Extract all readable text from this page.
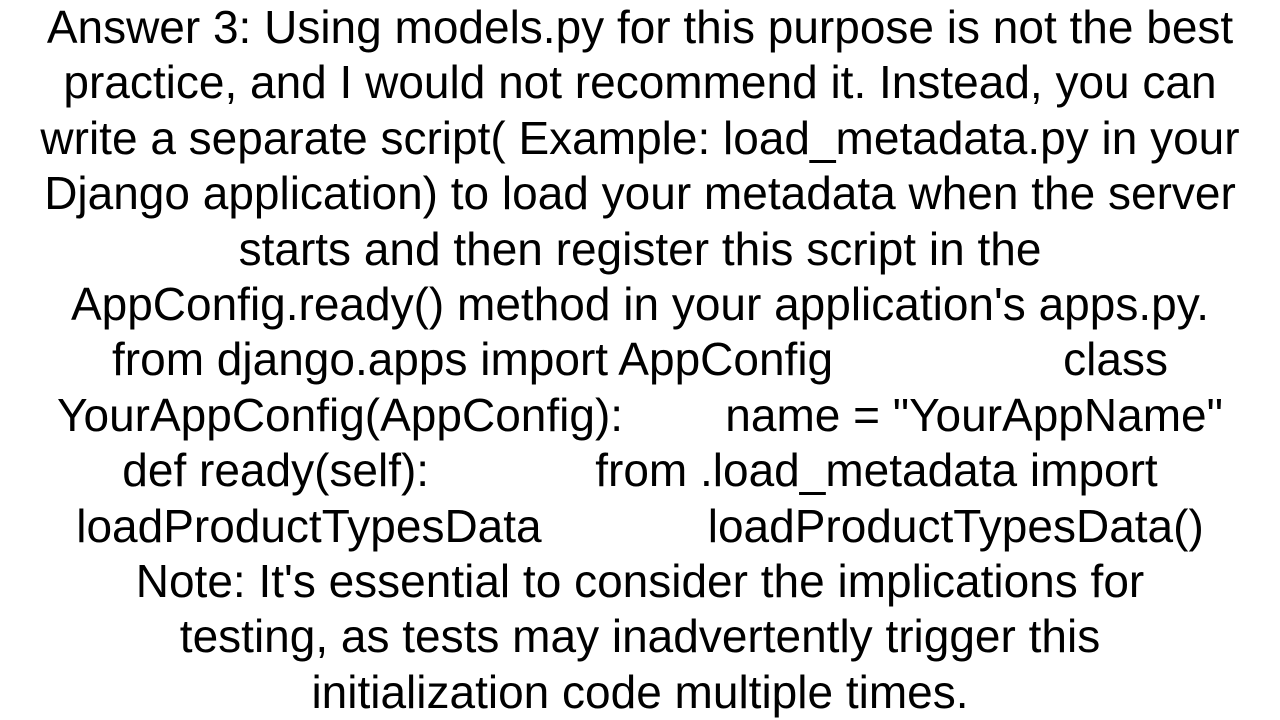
Answer 3: Using models.py for this purpose is not the best
practice, and I would not recommend it. Instead, you can
write a separate script( Example: load_metadata.py in your
Django application) to load your metadata when the server
starts and then register this script in the
AppConfig.ready() method in your application's apps.py.
from django.apps import AppConfig                  class
YourAppConfig(AppConfig):        name = "YourAppName"
def ready(self):             from .load_metadata import
loadProductTypesData             loadProductTypesData()
Note: It's essential to consider the implications for
testing, as tests may inadvertently trigger this
initialization code multiple times.
